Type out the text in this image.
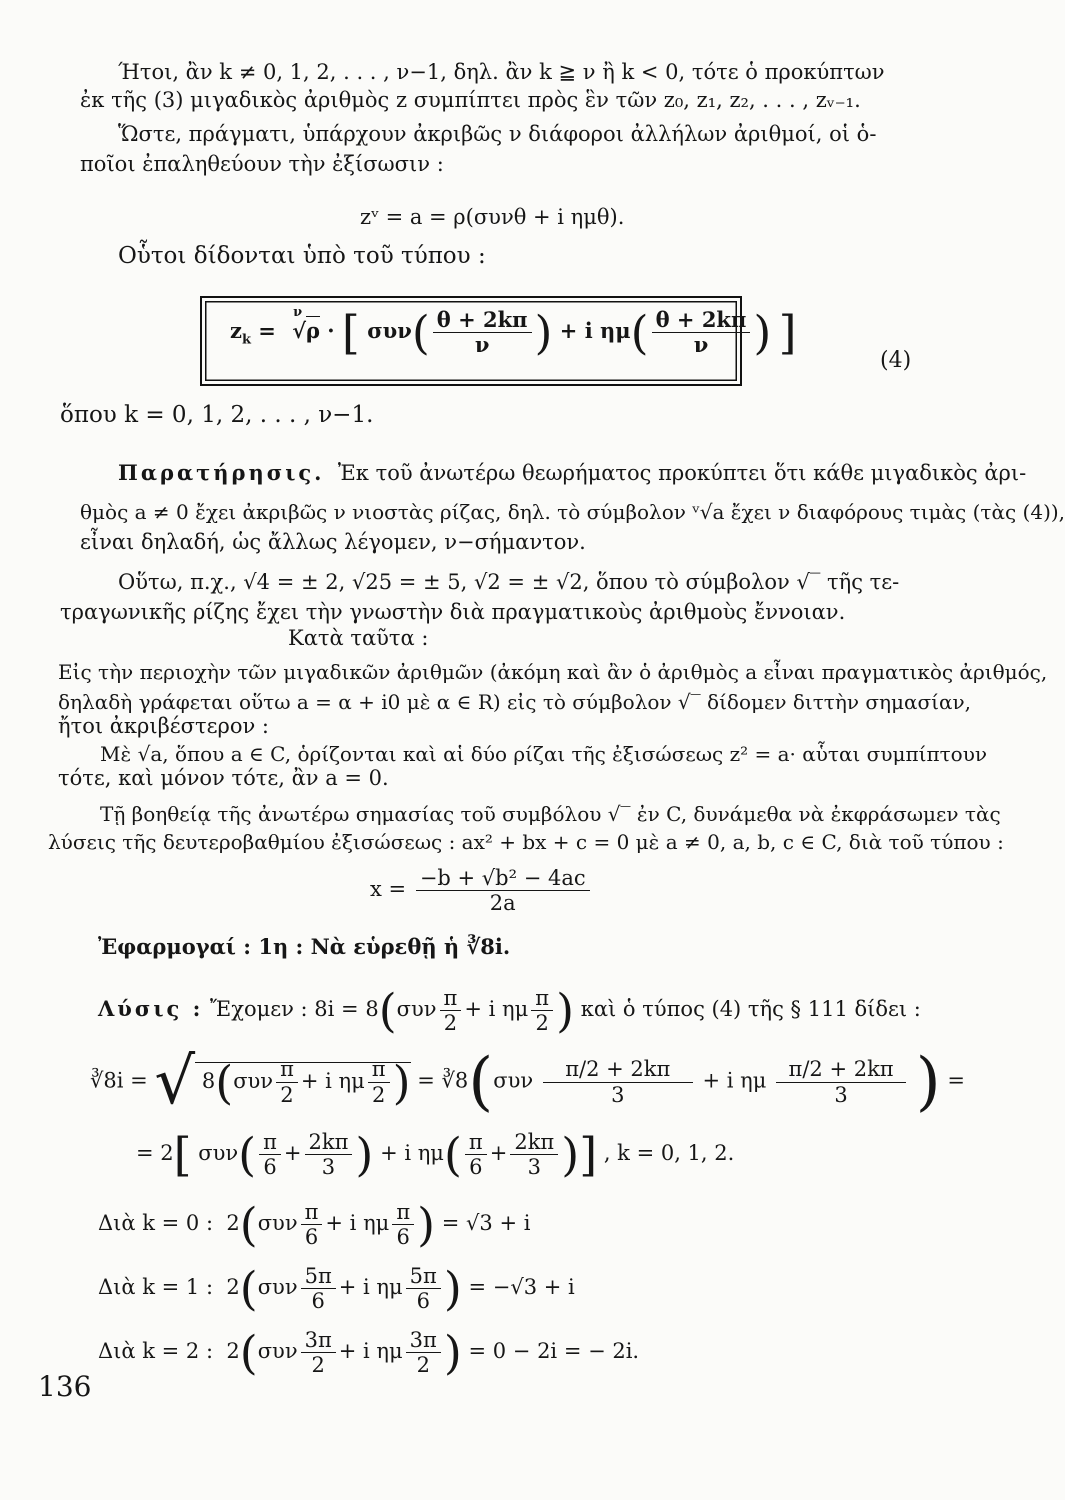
Ήτοι, ἂν k ≠ 0, 1, 2, . . . , ν−1, δηλ. ἂν k ≧ ν ἢ k < 0, τότε ὁ προκύπτων
ἐκ τῆς (3) μιγαδικὸς ἀριθμὸς z συμπίπτει πρὸς ἓν τῶν z₀, z₁, z₂, . . . , zᵥ₋₁.
Ὥστε, πράγματι, ὑπάρχουν ἀκριβῶς ν διάφοροι ἀλλήλων ἀριθμοί, οἱ ὁ-
ποῖοι ἐπαληθεύουν τὴν ἐξίσωσιν :
zᵛ = a = ρ(συνθ + i ημθ).
Οὗτοι δίδονται ὑπὸ τοῦ τύπου :
$z_k = ^\nu√\rho$ · [ $\sigma\upsilon\nu( \frac{\theta + 2k\pi}{\nu}$ ) + i $\eta\mu( \frac{\theta + 2k\pi}{\nu}$ ) ]
(4)
ὅπου k = 0, 1, 2, . . . , ν−1.
Παρατήρησις. Ἐκ τοῦ ἀνωτέρω θεωρήματος προκύπτει ὅτι κάθε μιγαδικὸς ἀρι-
θμὸς a ≠ 0 ἔχει ἀκριβῶς ν νιοστὰς ρίζας, δηλ. τὸ σύμβολον ᵛ√a ἔχει ν διαφόρους τιμὰς (τὰς (4)),
εἶναι δηλαδή, ὡς ἄλλως λέγομεν, ν−σήμαντον.
Οὕτω, π.χ., √4 = ± 2, √25 = ± 5, √2 = ± √2, ὅπου τὸ σύμβολον √‾ τῆς τε-
τραγωνικῆς ρίζης ἔχει τὴν γνωστὴν διὰ πραγματικοὺς ἀριθμοὺς ἔννοιαν.
Κατὰ ταῦτα :
Εἰς τὴν περιοχὴν τῶν μιγαδικῶν ἀριθμῶν (ἀκόμη καὶ ἂν ὁ ἀριθμὸς a εἶναι πραγματικὸς ἀριθμός,
δηλαδὴ γράφεται οὕτω a = α + i0 μὲ α ∈ R) εἰς τὸ σύμβολον √‾ δίδομεν διττὴν σημασίαν,
ἤτοι ἀκριβέστερον :
Μὲ √a, ὅπου a ∈ C, ὁρίζονται καὶ αἱ δύο ρίζαι τῆς ἐξισώσεως z² = a· αὗται συμπίπτουν
τότε, καὶ μόνον τότε, ἂν a = 0.
Τῇ βοηθείᾳ τῆς ἀνωτέρω σημασίας τοῦ συμβόλου √‾ ἐν C, δυνάμεθα νὰ ἐκφράσωμεν τὰς
λύσεις τῆς δευτεροβαθμίου ἐξισώσεως : ax² + bx + c = 0 μὲ a ≠ 0, a, b, c ∈ C, διὰ τοῦ τύπου :
$x = \frac{\text{−b + √b² − 4ac}}{2a}$
Ἐφαρμογαί : 1η : Νὰ εὑρεθῇ ἡ ∛8i.
Λύσις : Ἔχομεν : $8i = 8(\sigma\upsilon\nu \frac{\pi}{2} + i$ ημ $\frac{\pi}{2}$ ) καὶ ὁ τύπος (4) τῆς § 111 δίδει :
∛8i = √ $8(\sigma\upsilon\nu \frac{\pi}{2} + i$ ημ $\frac{\pi}{2}$ ) = ∛8(συν $\frac{\pi/2 + 2k\pi}{3} + i$ ημ $\frac{\pi/2 + 2k\pi}{3}$ ) =
= 2[ $\sigma\upsilon\nu( \frac{\pi}{6} + \frac{2k\pi}{3}$ ) + i $\eta\mu( \frac{\pi}{6} + \frac{2k\pi}{3}$ )] , k = 0, 1, 2.
Διὰ k = 0 :  $2(\sigma\upsilon\nu \frac{\pi}{6} + i$ ημ $\frac{\pi}{6}$ ) = √3 + i
Διὰ k = 1 :  $2(\sigma\upsilon\nu \frac{5\pi}{6} + i$ ημ $\frac{5\pi}{6}$ ) = −√3 + i
Διὰ k = 2 :  $2(\sigma\upsilon\nu \frac{3\pi}{2} + i$ ημ $\frac{3\pi}{2}$ ) = 0 − 2i = − 2i.
136
